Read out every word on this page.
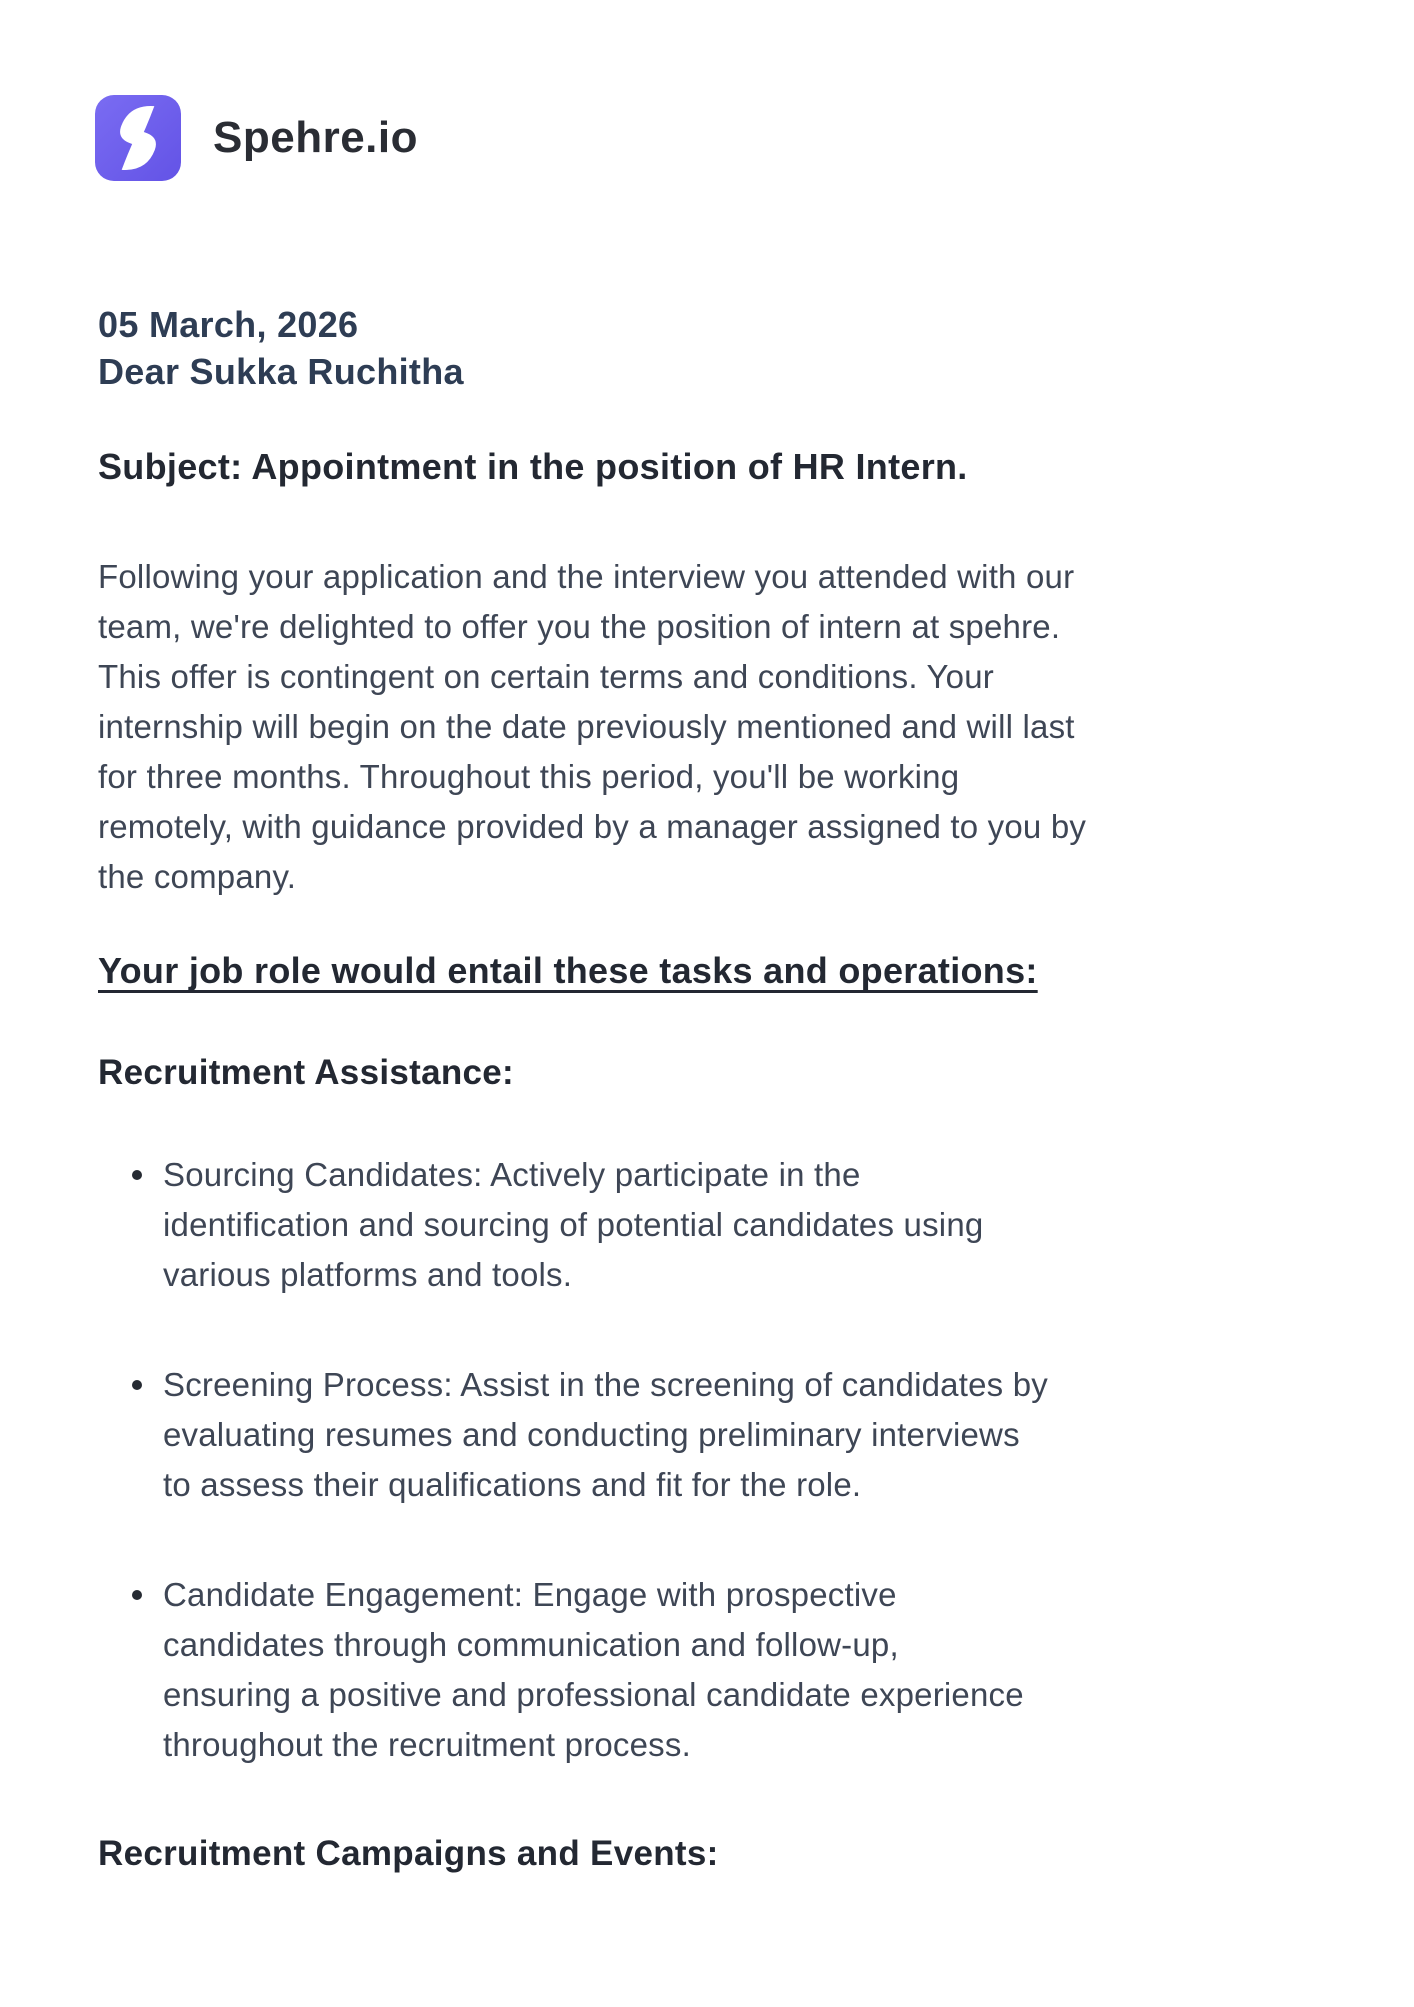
Spehre.io
05 March, 2026
Dear Sukka Ruchitha
Subject: Appointment in the position of HR Intern.
Following your application and the interview you attended with our
team, we're delighted to offer you the position of intern at spehre.
This offer is contingent on certain terms and conditions. Your
internship will begin on the date previously mentioned and will last
for three months. Throughout this period, you'll be working
remotely, with guidance provided by a manager assigned to you by
the company.
Your job role would entail these tasks and operations:
Recruitment Assistance:
Sourcing Candidates: Actively participate in the
identification and sourcing of potential candidates using
various platforms and tools.
Screening Process: Assist in the screening of candidates by
evaluating resumes and conducting preliminary interviews
to assess their qualifications and fit for the role.
Candidate Engagement: Engage with prospective
candidates through communication and follow-up,
ensuring a positive and professional candidate experience
throughout the recruitment process.
Recruitment Campaigns and Events:
